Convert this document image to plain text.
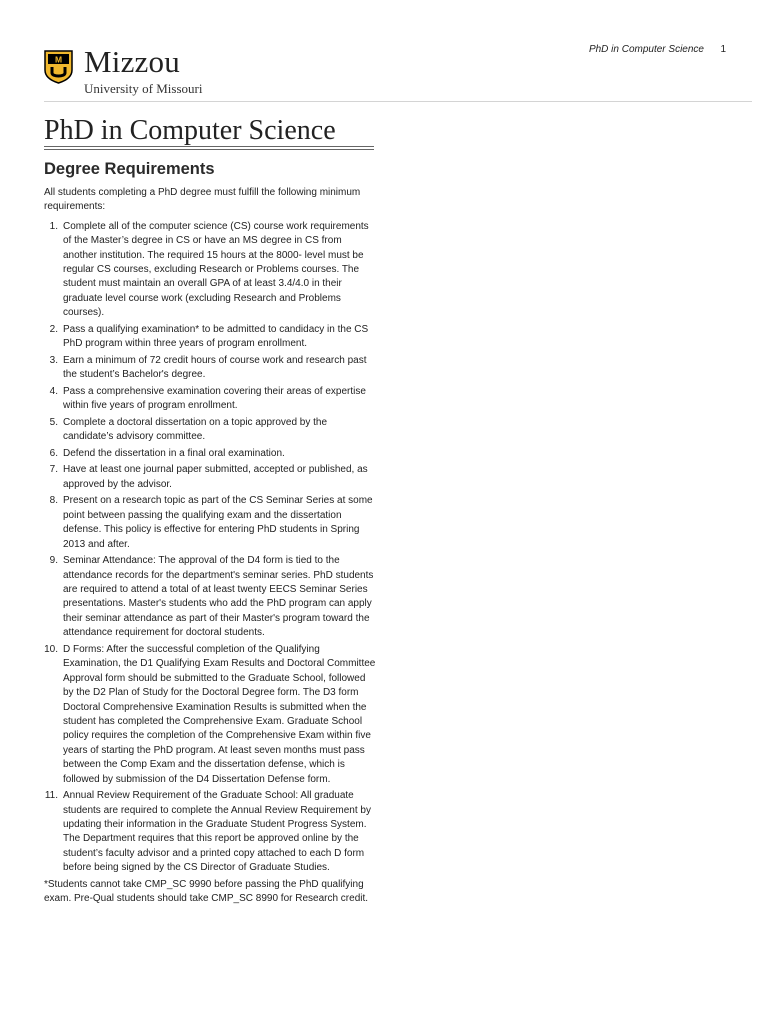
M Mizzou
University of Missouri
PhD in Computer Science 1
PhD in Computer Science
Degree Requirements

All students completing a PhD degree must fulfill the following minimum requirements:

1. Complete all of the computer science (CS) course work requirements of the Master’s degree in CS or have an MS degree in CS from another institution. The required 15 hours at the 8000- level must be regular CS courses, excluding Research or Problems courses. The student must maintain an overall GPA of at least 3.4/4.0 in their graduate level course work (excluding Research and Problems courses).
2. Pass a qualifying examination* to be admitted to candidacy in the CS PhD program within three years of program enrollment.
3. Earn a minimum of 72 credit hours of course work and research past the student’s Bachelor's degree.
4. Pass a comprehensive examination covering their areas of expertise within five years of program enrollment.
5. Complete a doctoral dissertation on a topic approved by the candidate’s advisory committee.
6. Defend the dissertation in a final oral examination.
7. Have at least one journal paper submitted, accepted or published, as approved by the advisor.
8. Present on a research topic as part of the CS Seminar Series at some point between passing the qualifying exam and the dissertation defense. This policy is effective for entering PhD students in Spring 2013 and after.
9. Seminar Attendance: The approval of the D4 form is tied to the attendance records for the department's seminar series. PhD students are required to attend a total of at least twenty EECS Seminar Series presentations. Master's students who add the PhD program can apply their seminar attendance as part of their Master's program toward the attendance requirement for doctoral students.
10. D Forms: After the successful completion of the Qualifying Examination, the D1 Qualifying Exam Results and Doctoral Committee Approval form should be submitted to the Graduate School, followed by the D2 Plan of Study for the Doctoral Degree form. The D3 form Doctoral Comprehensive Examination Results is submitted when the student has completed the Comprehensive Exam. Graduate School policy requires the completion of the Comprehensive Exam within five years of starting the PhD program. At least seven months must pass between the Comp Exam and the dissertation defense, which is followed by submission of the D4 Dissertation Defense form.
11. Annual Review Requirement of the Graduate School: All graduate students are required to complete the Annual Review Requirement by updating their information in the Graduate Student Progress System. The Department requires that this report be approved online by the student’s faculty advisor and a printed copy attached to each D form before being signed by the CS Director of Graduate Studies.

*Students cannot take CMP_SC 9990 before passing the PhD qualifying exam. Pre-Qual students should take CMP_SC 8990 for Research credit.
